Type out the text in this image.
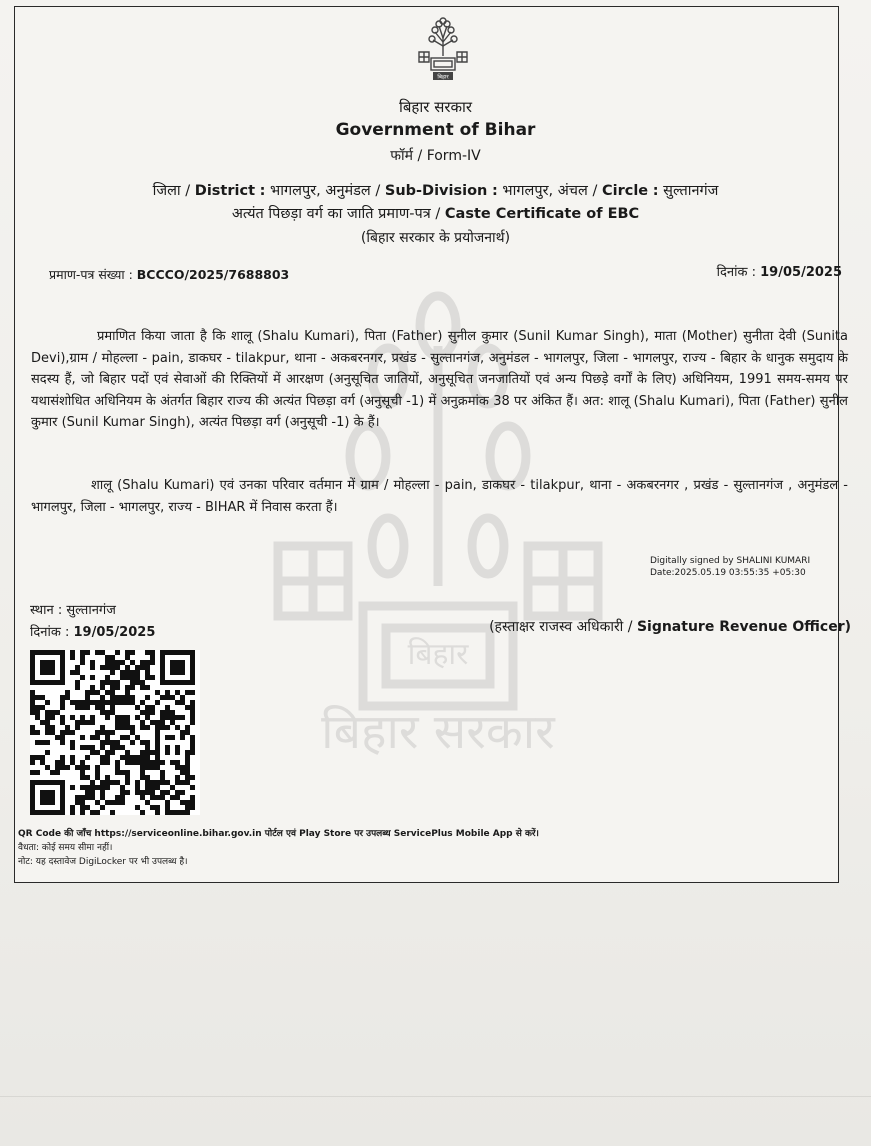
बिहार
बिहार सरकार
Government of Bihar
फॉर्म / Form-IV
जिला / District : भागलपुर, अनुमंडल / Sub-Division : भागलपुर, अंचल / Circle : सुल्तानगंज
अत्यंत पिछड़ा वर्ग का जाति प्रमाण-पत्र / Caste Certificate of EBC
(बिहार सरकार के प्रयोजनार्थ)
प्रमाण-पत्र संख्या : BCCCO/2025/7688803	दिनांक : 19/05/2025
बिहार
बिहार सरकार
प्रमाणित किया जाता है कि शालू (Shalu Kumari), पिता (Father) सुनील कुमार (Sunil Kumar Singh), माता (Mother) सुनीता देवी (Sunita Devi),ग्राम / मोहल्ला - pain, डाकघर - tilakpur, थाना - अकबरनगर, प्रखंड - सुल्तानगंज, अनुमंडल - भागलपुर, जिला - भागलपुर, राज्य - बिहार के धानुक समुदाय के सदस्य हैं, जो बिहार पदों एवं सेवाओं की रिक्तियों में आरक्षण (अनुसूचित जातियों, अनुसूचित जनजातियों एवं अन्य पिछड़े वर्गों के लिए) अधिनियम, 1991 समय-समय पर यथासंशोधित अधिनियम के अंतर्गत बिहार राज्य की अत्यंत पिछड़ा वर्ग (अनुसूची -1) में अनुक्रमांक 38 पर अंकित हैं। अत: शालू (Shalu Kumari), पिता (Father) सुनील कुमार (Sunil Kumar Singh), अत्यंत पिछड़ा वर्ग (अनुसूची -1) के हैं।
शालू (Shalu Kumari) एवं उनका परिवार वर्तमान में ग्राम / मोहल्ला - pain, डाकघर - tilakpur, थाना - अकबरनगर , प्रखंड - सुल्तानगंज , अनुमंडल - भागलपुर, जिला - भागलपुर, राज्य - BIHAR में निवास करता हैं।
Digitally signed by SHALINI KUMARI
Date:2025.05.19 03:55:35 +05:30
स्थान : सुल्तानगंज
दिनांक : 19/05/2025	(हस्ताक्षर राजस्व अधिकारी / Signature Revenue Officer)
QR Code की जाँच https://serviceonline.bihar.gov.in पोर्टल एवं Play Store पर उपलब्ध ServicePlus Mobile App से करें।
वैधता: कोई समय सीमा नहीं।
नोट: यह दस्तावेज DigiLocker पर भी उपलब्ध है।
